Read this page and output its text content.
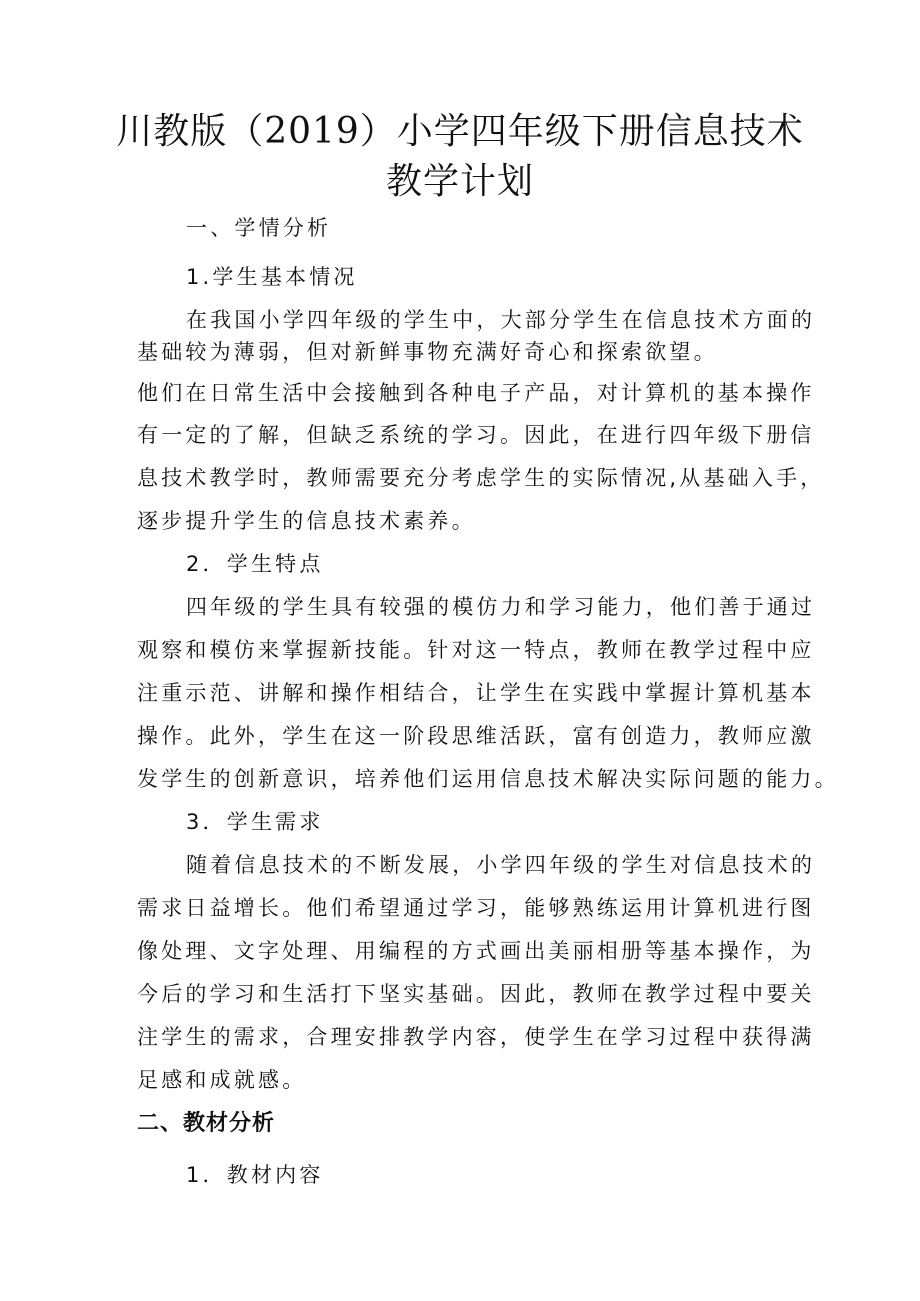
川教版（2019）小学四年级下册信息技术
教学计划
一、学情分析
1.学生基本情况
在我国小学四年级的学生中，大部分学生在信息技术方面的
基础较为薄弱，但对新鲜事物充满好奇心和探索欲望。
他们在日常生活中会接触到各种电子产品，对计算机的基本操作
有一定的了解，但缺乏系统的学习。因此，在进行四年级下册信
息技术教学时，教师需要充分考虑学生的实际情况,从基础入手，
逐步提升学生的信息技术素养。
2．学生特点
四年级的学生具有较强的模仿力和学习能力，他们善于通过
观察和模仿来掌握新技能。针对这一特点，教师在教学过程中应
注重示范、讲解和操作相结合，让学生在实践中掌握计算机基本
操作。此外，学生在这一阶段思维活跃，富有创造力，教师应激
发学生的创新意识，培养他们运用信息技术解决实际问题的能力。
3．学生需求
随着信息技术的不断发展，小学四年级的学生对信息技术的
需求日益增长。他们希望通过学习，能够熟练运用计算机进行图
像处理、文字处理、用编程的方式画出美丽相册等基本操作，为
今后的学习和生活打下坚实基础。因此，教师在教学过程中要关
注学生的需求，合理安排教学内容，使学生在学习过程中获得满
足感和成就感。
二、教材分析
1．教材内容
